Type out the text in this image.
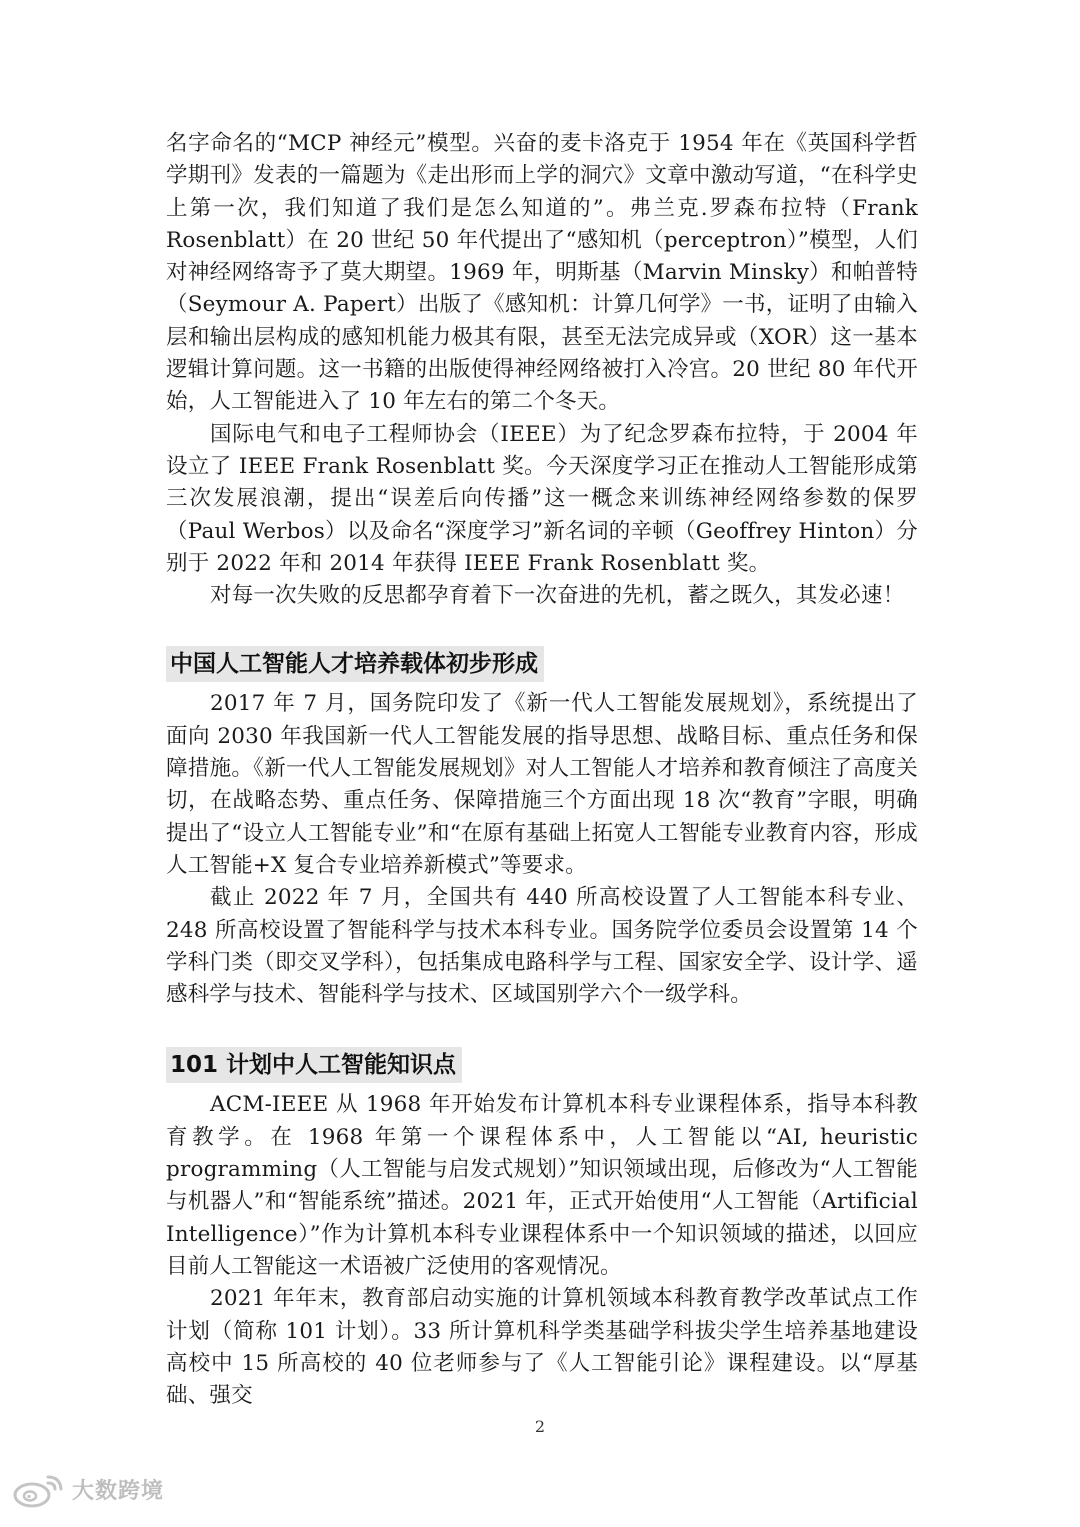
名字命名的“MCP 神经元”模型。兴奋的麦卡洛克于 1954 年在《英国科学哲学期刊》发表的一篇题为《走出形而上学的洞穴》文章中激动写道，“在科学史上第一次，我们知道了我们是怎么知道的”。弗兰克.罗森布拉特（Frank Rosenblatt）在 20 世纪 50 年代提出了“感知机（perceptron）”模型，人们对神经网络寄予了莫大期望。1969 年，明斯基（Marvin Minsky）和帕普特（Seymour A. Papert）出版了《感知机：计算几何学》一书，证明了由输入层和输出层构成的感知机能力极其有限，甚至无法完成异或（XOR）这一基本逻辑计算问题。这一书籍的出版使得神经网络被打入冷宫。20 世纪 80 年代开始，人工智能进入了 10 年左右的第二个冬天。

国际电气和电子工程师协会（IEEE）为了纪念罗森布拉特，于 2004 年设立了 IEEE Frank Rosenblatt 奖。今天深度学习正在推动人工智能形成第三次发展浪潮，提出“误差后向传播”这一概念来训练神经网络参数的保罗（Paul Werbos）以及命名“深度学习”新名词的辛顿（Geoffrey Hinton）分别于 2022 年和 2014 年获得 IEEE Frank Rosenblatt 奖。

对每一次失败的反思都孕育着下一次奋进的先机，蓄之既久，其发必速！

中国人工智能人才培养载体初步形成

2017 年 7 月，国务院印发了《新一代人工智能发展规划》，系统提出了面向 2030 年我国新一代人工智能发展的指导思想、战略目标、重点任务和保障措施。《新一代人工智能发展规划》对人工智能人才培养和教育倾注了高度关切，在战略态势、重点任务、保障措施三个方面出现 18 次“教育”字眼，明确提出了“设立人工智能专业”和“在原有基础上拓宽人工智能专业教育内容，形成人工智能+X 复合专业培养新模式”等要求。

截止 2022 年 7 月，全国共有 440 所高校设置了人工智能本科专业、248 所高校设置了智能科学与技术本科专业。国务院学位委员会设置第 14 个学科门类（即交叉学科），包括集成电路科学与工程、国家安全学、设计学、遥感科学与技术、智能科学与技术、区域国别学六个一级学科。

101 计划中人工智能知识点

ACM-IEEE 从 1968 年开始发布计算机本科专业课程体系，指导本科教育教学。在 1968 年第一个课程体系中，人工智能以“AI, heuristic programming（人工智能与启发式规划）”知识领域出现，后修改为“人工智能与机器人”和“智能系统”描述。2021 年，正式开始使用“人工智能（Artificial Intelligence）”作为计算机本科专业课程体系中一个知识领域的描述，以回应目前人工智能这一术语被广泛使用的客观情况。

2021 年年末，教育部启动实施的计算机领域本科教育教学改革试点工作计划（简称 101 计划）。33 所计算机科学类基础学科拔尖学生培养基地建设高校中 15 所高校的 40 位老师参与了《人工智能引论》课程建设。以“厚基础、强交

2
大数跨境
